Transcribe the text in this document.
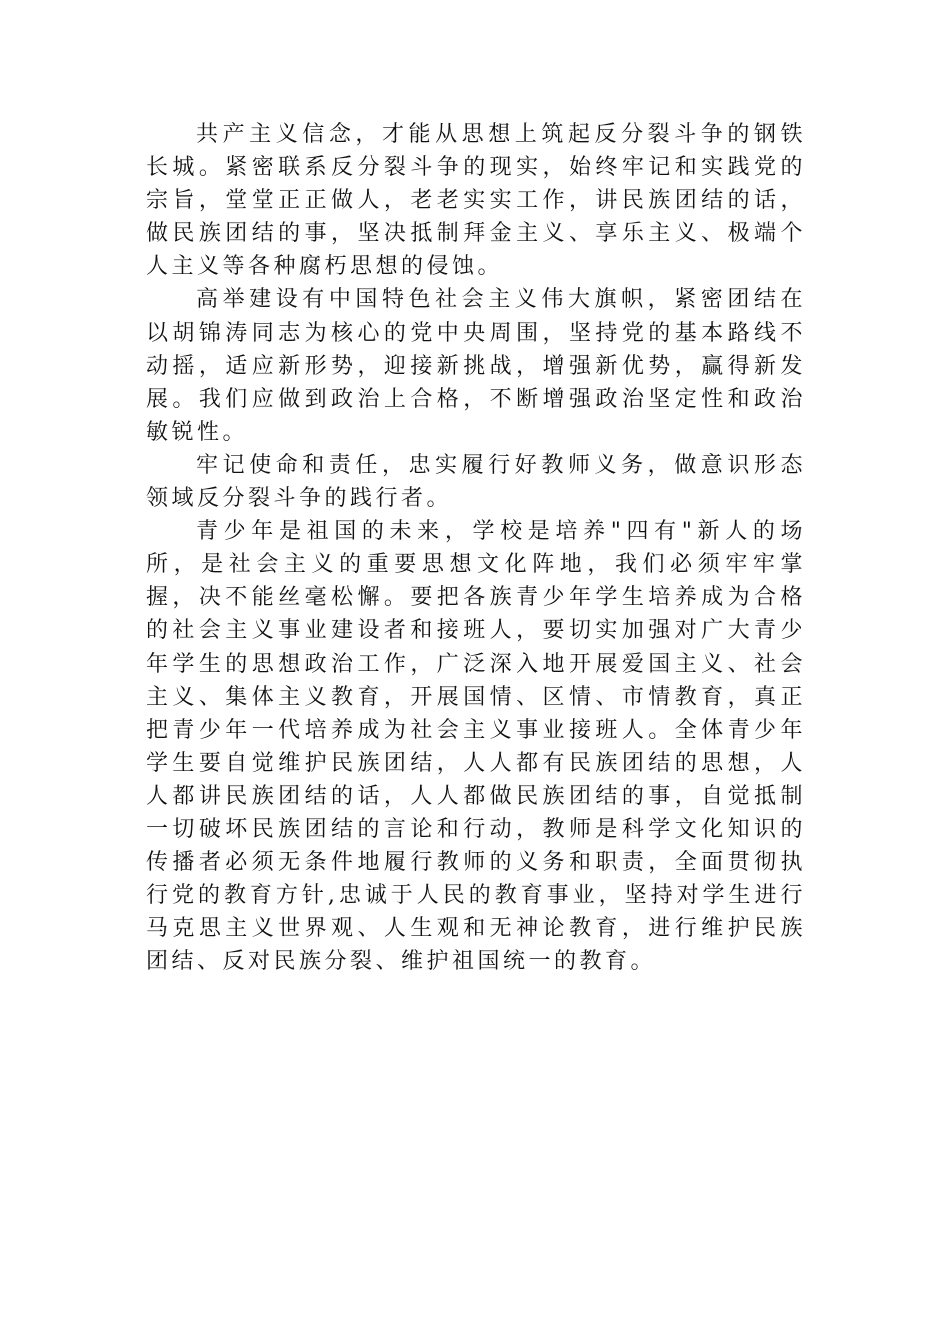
共产主义信念，才能从思想上筑起反分裂斗争的钢铁长城。紧密联系反分裂斗争的现实，始终牢记和实践党的宗旨，堂堂正正做人，老老实实工作，讲民族团结的话，做民族团结的事，坚决抵制拜金主义、享乐主义、极端个人主义等各种腐朽思想的侵蚀。

高举建设有中国特色社会主义伟大旗帜，紧密团结在以胡锦涛同志为核心的党中央周围，坚持党的基本路线不动摇，适应新形势，迎接新挑战，增强新优势，赢得新发展。我们应做到政治上合格，不断增强政治坚定性和政治敏锐性。

牢记使命和责任，忠实履行好教师义务，做意识形态领域反分裂斗争的践行者。

青少年是祖国的未来，学校是培养"四有"新人的场所，是社会主义的重要思想文化阵地，我们必须牢牢掌握，决不能丝毫松懈。要把各族青少年学生培养成为合格的社会主义事业建设者和接班人，要切实加强对广大青少年学生的思想政治工作，广泛深入地开展爱国主义、社会主义、集体主义教育，开展国情、区情、市情教育，真正把青少年一代培养成为社会主义事业接班人。全体青少年学生要自觉维护民族团结，人人都有民族团结的思想，人人都讲民族团结的话，人人都做民族团结的事，自觉抵制一切破坏民族团结的言论和行动，教师是科学文化知识的传播者必须无条件地履行教师的义务和职责，全面贯彻执行党的教育方针,忠诚于人民的教育事业，坚持对学生进行马克思主义世界观、人生观和无神论教育，进行维护民族团结、反对民族分裂、维护祖国统一的教育。
